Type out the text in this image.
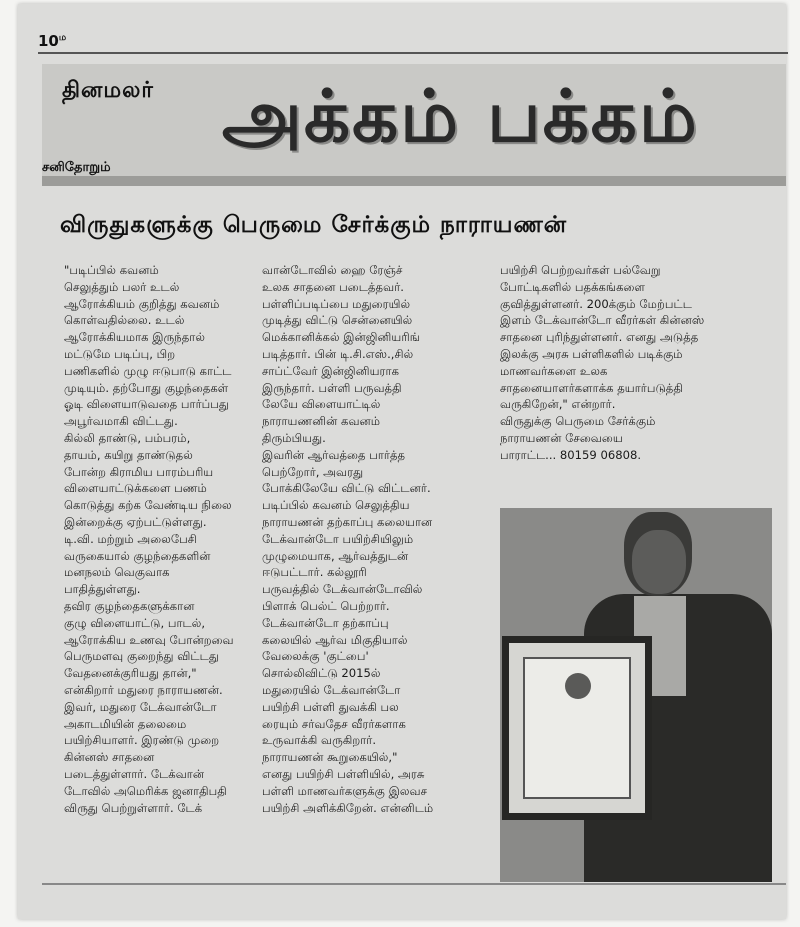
$10^ம$
தினமலர் அக்கம் பக்கம்
சனிதோறும்
விருதுகளுக்கு பெருமை சேர்க்கும் நாராயணன்
"படிப்பில் கவனம்
செலுத்தும் பலர் உடல்
ஆரோக்கியம் குறித்து கவனம்
கொள்வதில்லை. உடல்
ஆரோக்கியமாக இருந்தால்
மட்டுமே படிப்பு, பிற
பணிகளில் முழு ஈடுபாடு காட்ட
முடியும். தற்போது குழந்தைகள்
ஓடி விளையாடுவதை பார்ப்பது
அபூர்வமாகி விட்டது.
கில்லி தாண்டு, பம்பரம்,
தாயம், கயிறு தாண்டுதல்
போன்ற கிராமிய பாரம்பரிய
விளையாட்டுக்களை பணம்
கொடுத்து கற்க வேண்டிய நிலை
இன்றைக்கு ஏற்பட்டுள்ளது.
டி.வி. மற்றும் அலைபேசி
வருகையால் குழந்தைகளின்
மனநலம் வெகுவாக
பாதித்துள்ளது.
தவிர குழந்தைகளுக்கான
குழு விளையாட்டு, பாடல்,
ஆரோக்கிய உணவு போன்றவை
பெருமளவு குறைந்து விட்டது
வேதனைக்குரியது தான்,"
என்கிறார் மதுரை நாராயணன்.
இவர், மதுரை டேக்வான்டோ
அகாடமியின் தலைமை
பயிற்சியாளர். இரண்டு முறை
கின்னஸ் சாதனை
படைத்துள்ளார். டேக்வான்
டோவில் அமெரிக்க ஜனாதிபதி
விருது பெற்றுள்ளார். டேக்
வான்டோவில் ஹை ரேஞ்ச்
உலக சாதனை படைத்தவர்.
பள்ளிப்படிப்பை மதுரையில்
முடித்து விட்டு சென்னையில்
மெக்கானிக்கல் இன்ஜினியரிங்
படித்தார். பின் டி.சி.எஸ்.,சில்
சாப்ட்வேர் இன்ஜினியராக
இருந்தார். பள்ளி பருவத்தி
லேயே விளையாட்டில்
நாராயணனின் கவனம்
திரும்பியது.
இவரின் ஆர்வத்தை பார்த்த
பெற்றோர், அவரது
போக்கிலேயே விட்டு விட்டனர்.
படிப்பில் கவனம் செலுத்திய
நாராயணன் தற்காப்பு கலையான
டேக்வான்டோ பயிற்சியிலும்
முழுமையாக, ஆர்வத்துடன்
ஈடுபட்டார். கல்லூரி
பருவத்தில் டேக்வான்டோவில்
பிளாக் பெல்ட் பெற்றார்.
டேக்வான்டோ தற்காப்பு
கலையில் ஆர்வ மிகுதியால்
வேலைக்கு 'குட்பை'
சொல்லிவிட்டு 2015ல்
மதுரையில் டேக்வான்டோ
பயிற்சி பள்ளி துவக்கி பல
ரையும் சர்வதேச வீரர்களாக
உருவாக்கி வருகிறார்.
நாராயணன் கூறுகையில்,"
எனது பயிற்சி பள்ளியில், அரசு
பள்ளி மாணவர்களுக்கு இலவச
பயிற்சி அளிக்கிறேன். என்னிடம்
பயிற்சி பெற்றவர்கள் பல்வேறு
போட்டிகளில் பதக்கங்களை
குவித்துள்ளனர். 200க்கும் மேற்பட்ட
இளம் டேக்வான்டோ வீரர்கள் கின்னஸ்
சாதனை புரிந்துள்ளனர். எனது அடுத்த
இலக்கு அரசு பள்ளிகளில் படிக்கும்
மாணவர்களை உலக
சாதனையாளர்களாக்க தயார்படுத்தி
வருகிறேன்," என்றார்.
விருதுக்கு பெருமை சேர்க்கும்
நாராயணன் சேவையை
பாராட்ட... 80159 06808.
